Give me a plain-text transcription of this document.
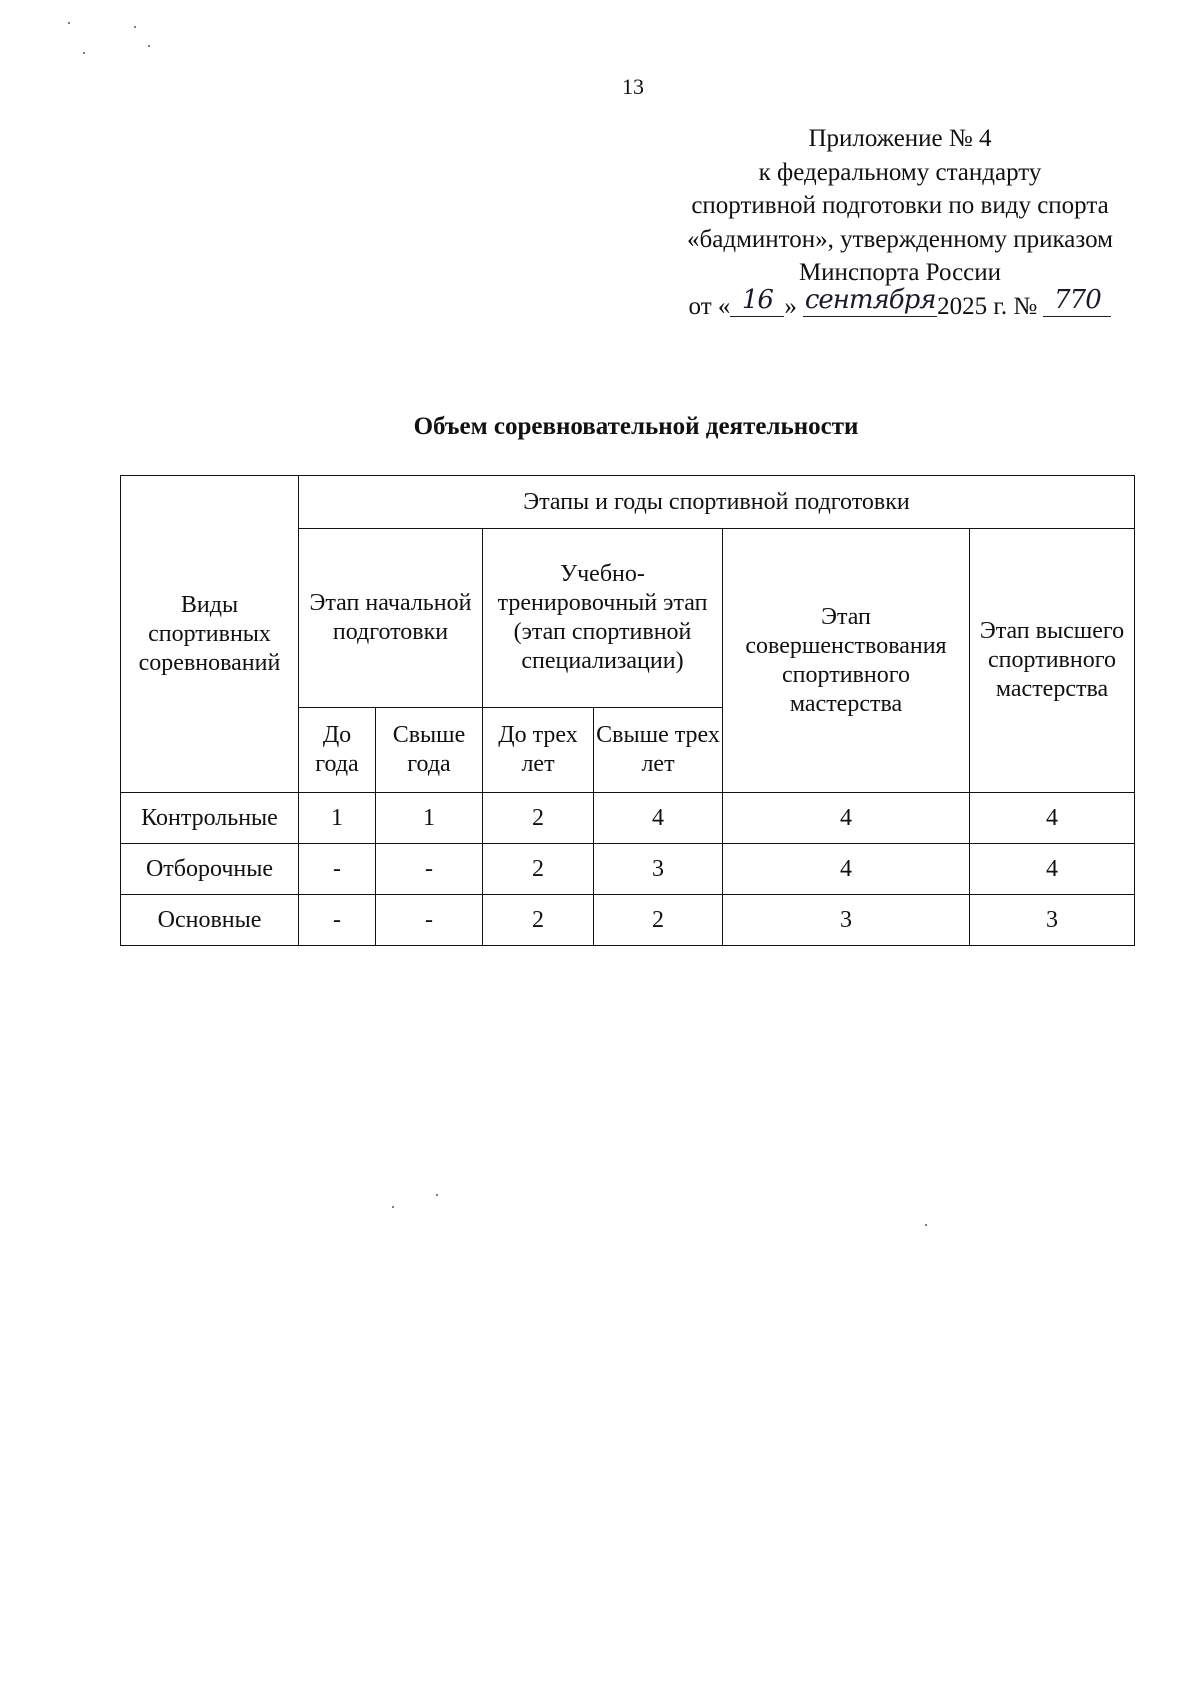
13
Приложение № 4
к федеральному стандарту
спортивной подготовки по виду спорта
«бадминтон», утвержденному приказом
Минспорта России
от « 16 » сентября2025 г. № 770
Объем соревновательной деятельности
Виды спортивных соревнований	Этапы и годы спортивной подготовки					
	Этап начальной подготовки		Учебно-тренировочный этап (этап спортивной специализации)		Этап совершенствования спортивного мастерства	Этап высшего спортивного мастерства
	До года	Свыше года	До трех лет	Свыше трех лет		
Контрольные	1	1	2	4	4	4
Отборочные	-	-	2	3	4	4
Основные	-	-	2	2	3	3
